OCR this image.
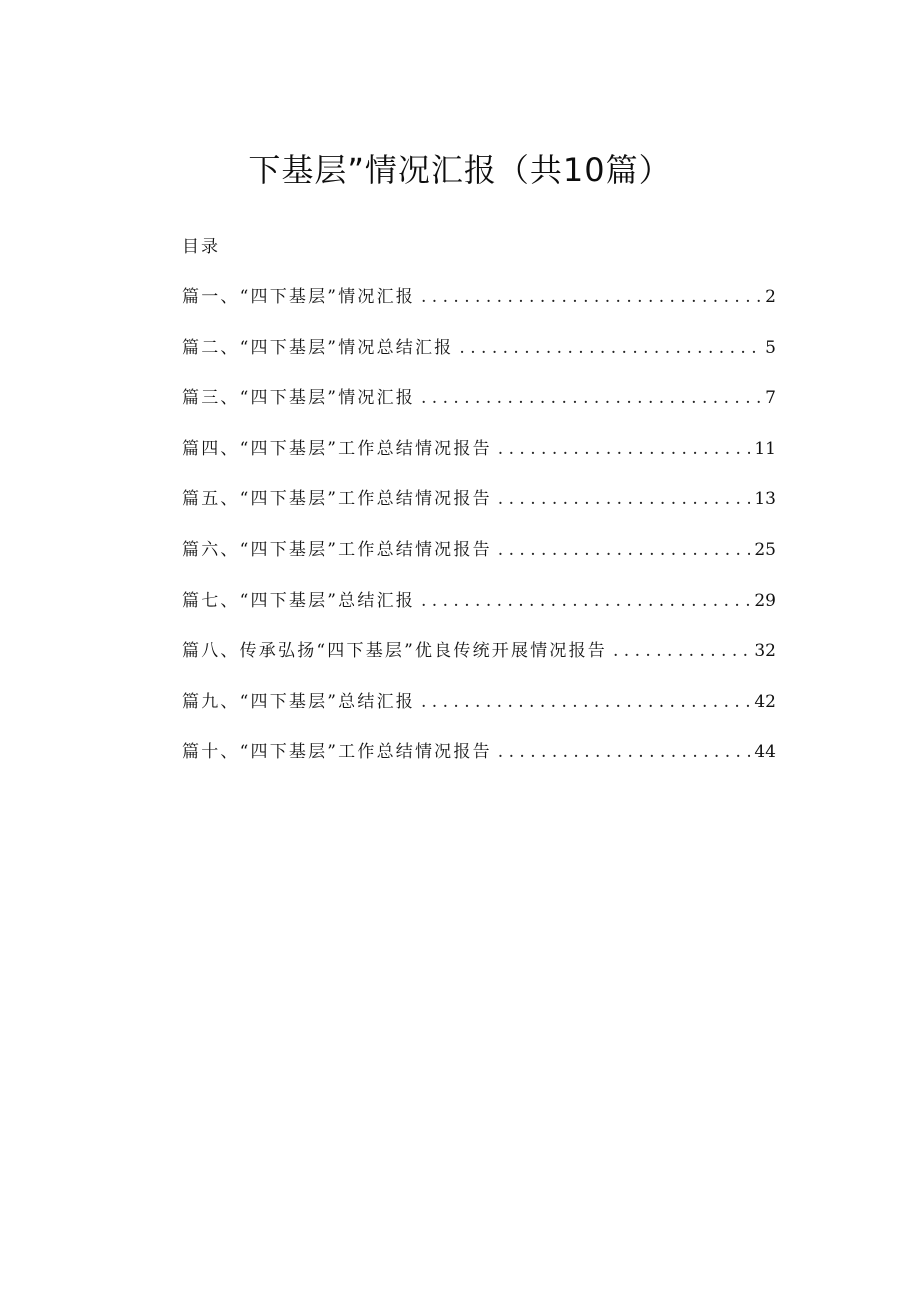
下基层”情况汇报（共10篇）
目录
篇一、“四下基层”情况汇报 . . .	2
篇二、“四下基层”情况总结汇报 . . .	5
篇三、“四下基层”情况汇报 . . .	7
篇四、“四下基层”工作总结情况报告 . . .	11
篇五、“四下基层”工作总结情况报告 . . .	13
篇六、“四下基层”工作总结情况报告 . . .	25
篇七、“四下基层”总结汇报 . . .	29
篇八、传承弘扬“四下基层”优良传统开展情况报告 . . .	32
篇九、“四下基层”总结汇报 . . .	42
篇十、“四下基层”工作总结情况报告 . . .	44
